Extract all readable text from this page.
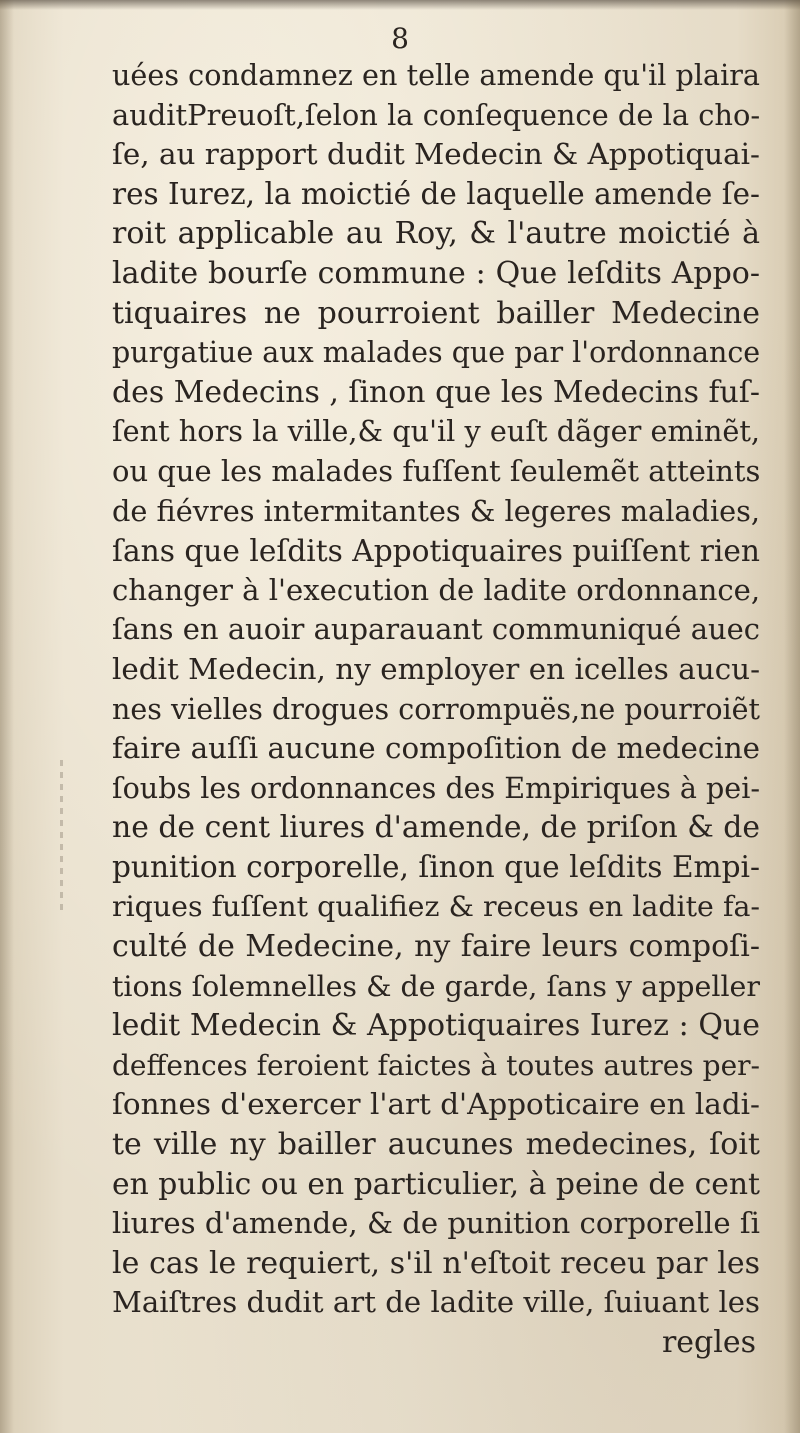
8
uées condamnez en telle amende qu'il plaira
auditPreuoſt,ſelon la conſequence de la cho-
ſe, au rapport dudit Medecin & Appotiquai-
res Iurez, la moictié de laquelle amende ſe-
roit applicable au Roy, & l'autre moictié à
ladite bourſe commune : Que leſdits Appo-
tiquaires ne pourroient bailler Medecine
purgatiue aux malades que par l'ordonnance
des Medecins , ſinon que les Medecins fuſ-
ſent hors la ville,& qu'il y euſt dãger eminẽt,
ou que les malades fuſſent ſeulemẽt atteints
de fiévres intermitantes & legeres maladies,
ſans que leſdits Appotiquaires puiſſent rien
changer à l'execution de ladite ordonnance,
ſans en auoir auparauant communiqué auec
ledit Medecin, ny employer en icelles aucu-
nes vielles drogues corrompuës,ne pourroiẽt
faire auſſi aucune compoſition de medecine
ſoubs les ordonnances des Empiriques à pei-
ne de cent liures d'amende, de priſon & de
punition corporelle, ſinon que leſdits Empi-
riques fuſſent qualifiez & receus en ladite fa-
culté de Medecine, ny faire leurs compoſi-
tions ſolemnelles & de garde, ſans y appeller
ledit Medecin & Appotiquaires Iurez : Que
deffences feroient faictes à toutes autres per-
ſonnes d'exercer l'art d'Appoticaire en ladi-
te ville ny bailler aucunes medecines, ſoit
en public ou en particulier, à peine de cent
liures d'amende, & de punition corporelle ſi
le cas le requiert, s'il n'eſtoit receu par les
Maiſtres dudit art de ladite ville, ſuiuant les
regles
